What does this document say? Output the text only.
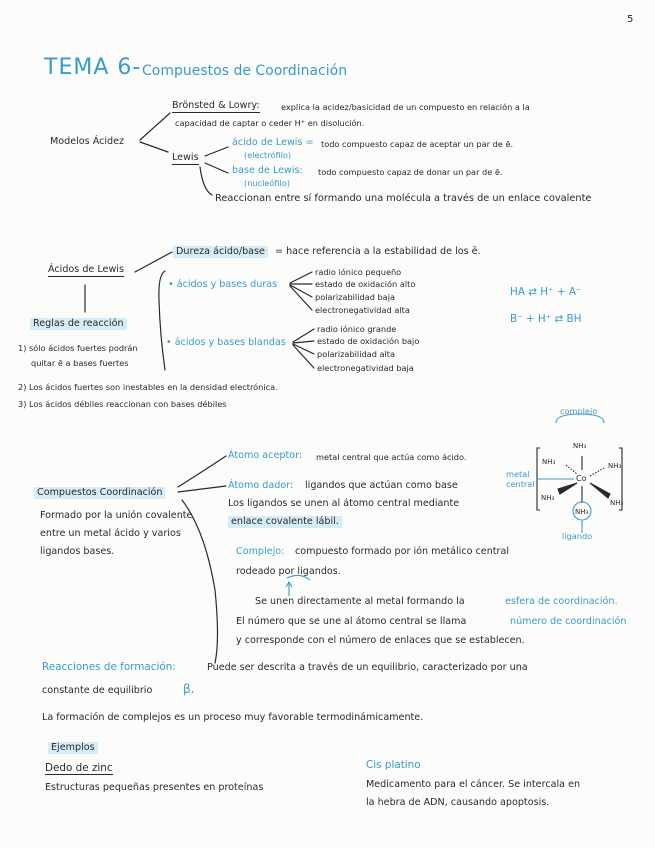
5
TEMA 6- Compuestos de Coordinación
Modelos Ácidez
Brönsted & Lowry:	explica la acidez/basicidad de un compuesto en relación a la
capacidad de captar o ceder H⁺ en disolución.
Lewis
ácido de Lewis = todo compuesto capaz de aceptar un par de ē.
(electrófilo)
base de Lewis: todo compuesto capaz de donar un par de ē.
(nucleófilo)
Reaccionan entre sí formando una molécula a través de un enlace covalente
Ácidos de Lewis
Dureza ácido/base	= hace referencia a la estabilidad de los ē.
• ácidos y bases duras
radio iónico pequeño
estado de oxidación alto
polarizabilidad baja
electronegatividad alta
• ácidos y bases blandas
radio iónico grande
estado de oxidación bajo
polarizabilidad alta
electronegatividad baja
HA ⇄ H⁺ + A⁻
B⁻ + H⁺ ⇄ BH
Reglas de reacción
1) sólo ácidos fuertes podrán
quitar ē a bases fuertes
2) Los ácidos fuertes son inestables en la densidad electrónica.
3) Los ácidos débiles reaccionan con bases débiles
Compuestos Coordinación
Formado por la unión covalente
entre un metal ácido y varios
ligandos bases.
Átomo aceptor: metal central que actúa como ácido.
Átomo dador: ligandos que actúan como base
Los ligandos se unen al átomo central mediante
enlace covalente lábil.
Complejo: compuesto formado por ión metálico central
rodeado por ligandos.
Se unen directamente al metal formando la	esfera de coordinación.
El número que se une al átomo central se llama	número de coordinación
y corresponde con el número de enlaces que se establecen.
complejo
metal central
ligando
NH₃
NH₃	NH₃
NH₃
NH₃
NH₃
Co
Reacciones de formación:	Puede ser descrita a través de un equilibrio, caracterizado por una
constante de equilibrio	β.
La formación de complejos es un proceso muy favorable termodinámicamente.
Ejemplos
Dedo de zinc
Estructuras pequeñas presentes en proteínas
Cis platino
Medicamento para el cáncer. Se intercala en
la hebra de ADN, causando apoptosis.
